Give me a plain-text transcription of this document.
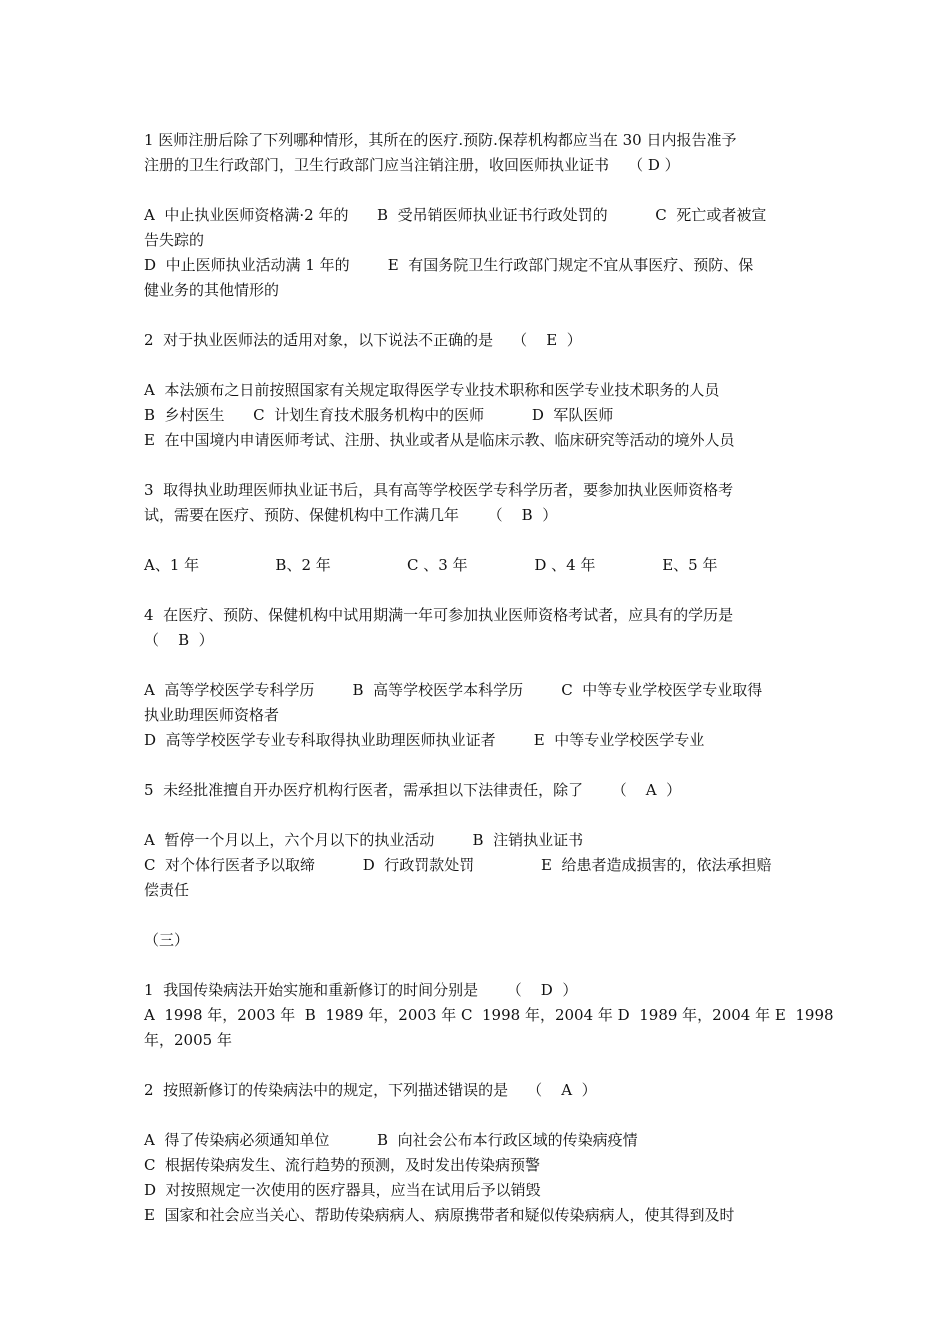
1 医师注册后除了下列哪种情形，其所在的医疗.预防.保荐机构都应当在 30 日内报告准予
注册的卫生行政部门，卫生行政部门应当注销注册，收回医师执业证书    （ D ）
A  中止执业医师资格满·2 年的      B  受吊销医师执业证书行政处罚的          C  死亡或者被宣
告失踪的
D  中止医师执业活动满 1 年的        E  有国务院卫生行政部门规定不宜从事医疗、预防、保
健业务的其他情形的
2  对于执业医师法的适用对象，以下说法不正确的是    （    E  ）
A  本法颁布之日前按照国家有关规定取得医学专业技术职称和医学专业技术职务的人员
B  乡村医生      C  计划生育技术服务机构中的医师          D  军队医师
E  在中国境内申请医师考试、注册、执业或者从是临床示教、临床研究等活动的境外人员
3  取得执业助理医师执业证书后，具有高等学校医学专科学历者，要参加执业医师资格考
试，需要在医疗、预防、保健机构中工作满几年      （    B  ）
A、1 年                B、2 年                C 、3 年              D 、4 年              E、5 年
4  在医疗、预防、保健机构中试用期满一年可参加执业医师资格考试者，应具有的学历是
（    B  ）
A  高等学校医学专科学历        B  高等学校医学本科学历        C  中等专业学校医学专业取得
执业助理医师资格者
D  高等学校医学专业专科取得执业助理医师执业证者        E  中等专业学校医学专业
5  未经批准擅自开办医疗机构行医者，需承担以下法律责任，除了      （    A  ）
A  暂停一个月以上，六个月以下的执业活动        B  注销执业证书
C  对个体行医者予以取缔          D  行政罚款处罚              E  给患者造成损害的，依法承担赔
偿责任
（三）
1  我国传染病法开始实施和重新修订的时间分别是      （    D  ）
A  1998 年，2003 年  B  1989 年，2003 年 C  1998 年，2004 年 D  1989 年，2004 年 E  1998
年，2005 年
2  按照新修订的传染病法中的规定，下列描述错误的是    （    A  ）
A  得了传染病必须通知单位          B  向社会公布本行政区域的传染病疫情
C  根据传染病发生、流行趋势的预测，及时发出传染病预警
D  对按照规定一次使用的医疗器具，应当在试用后予以销毁
E  国家和社会应当关心、帮助传染病病人、病原携带者和疑似传染病病人，使其得到及时
